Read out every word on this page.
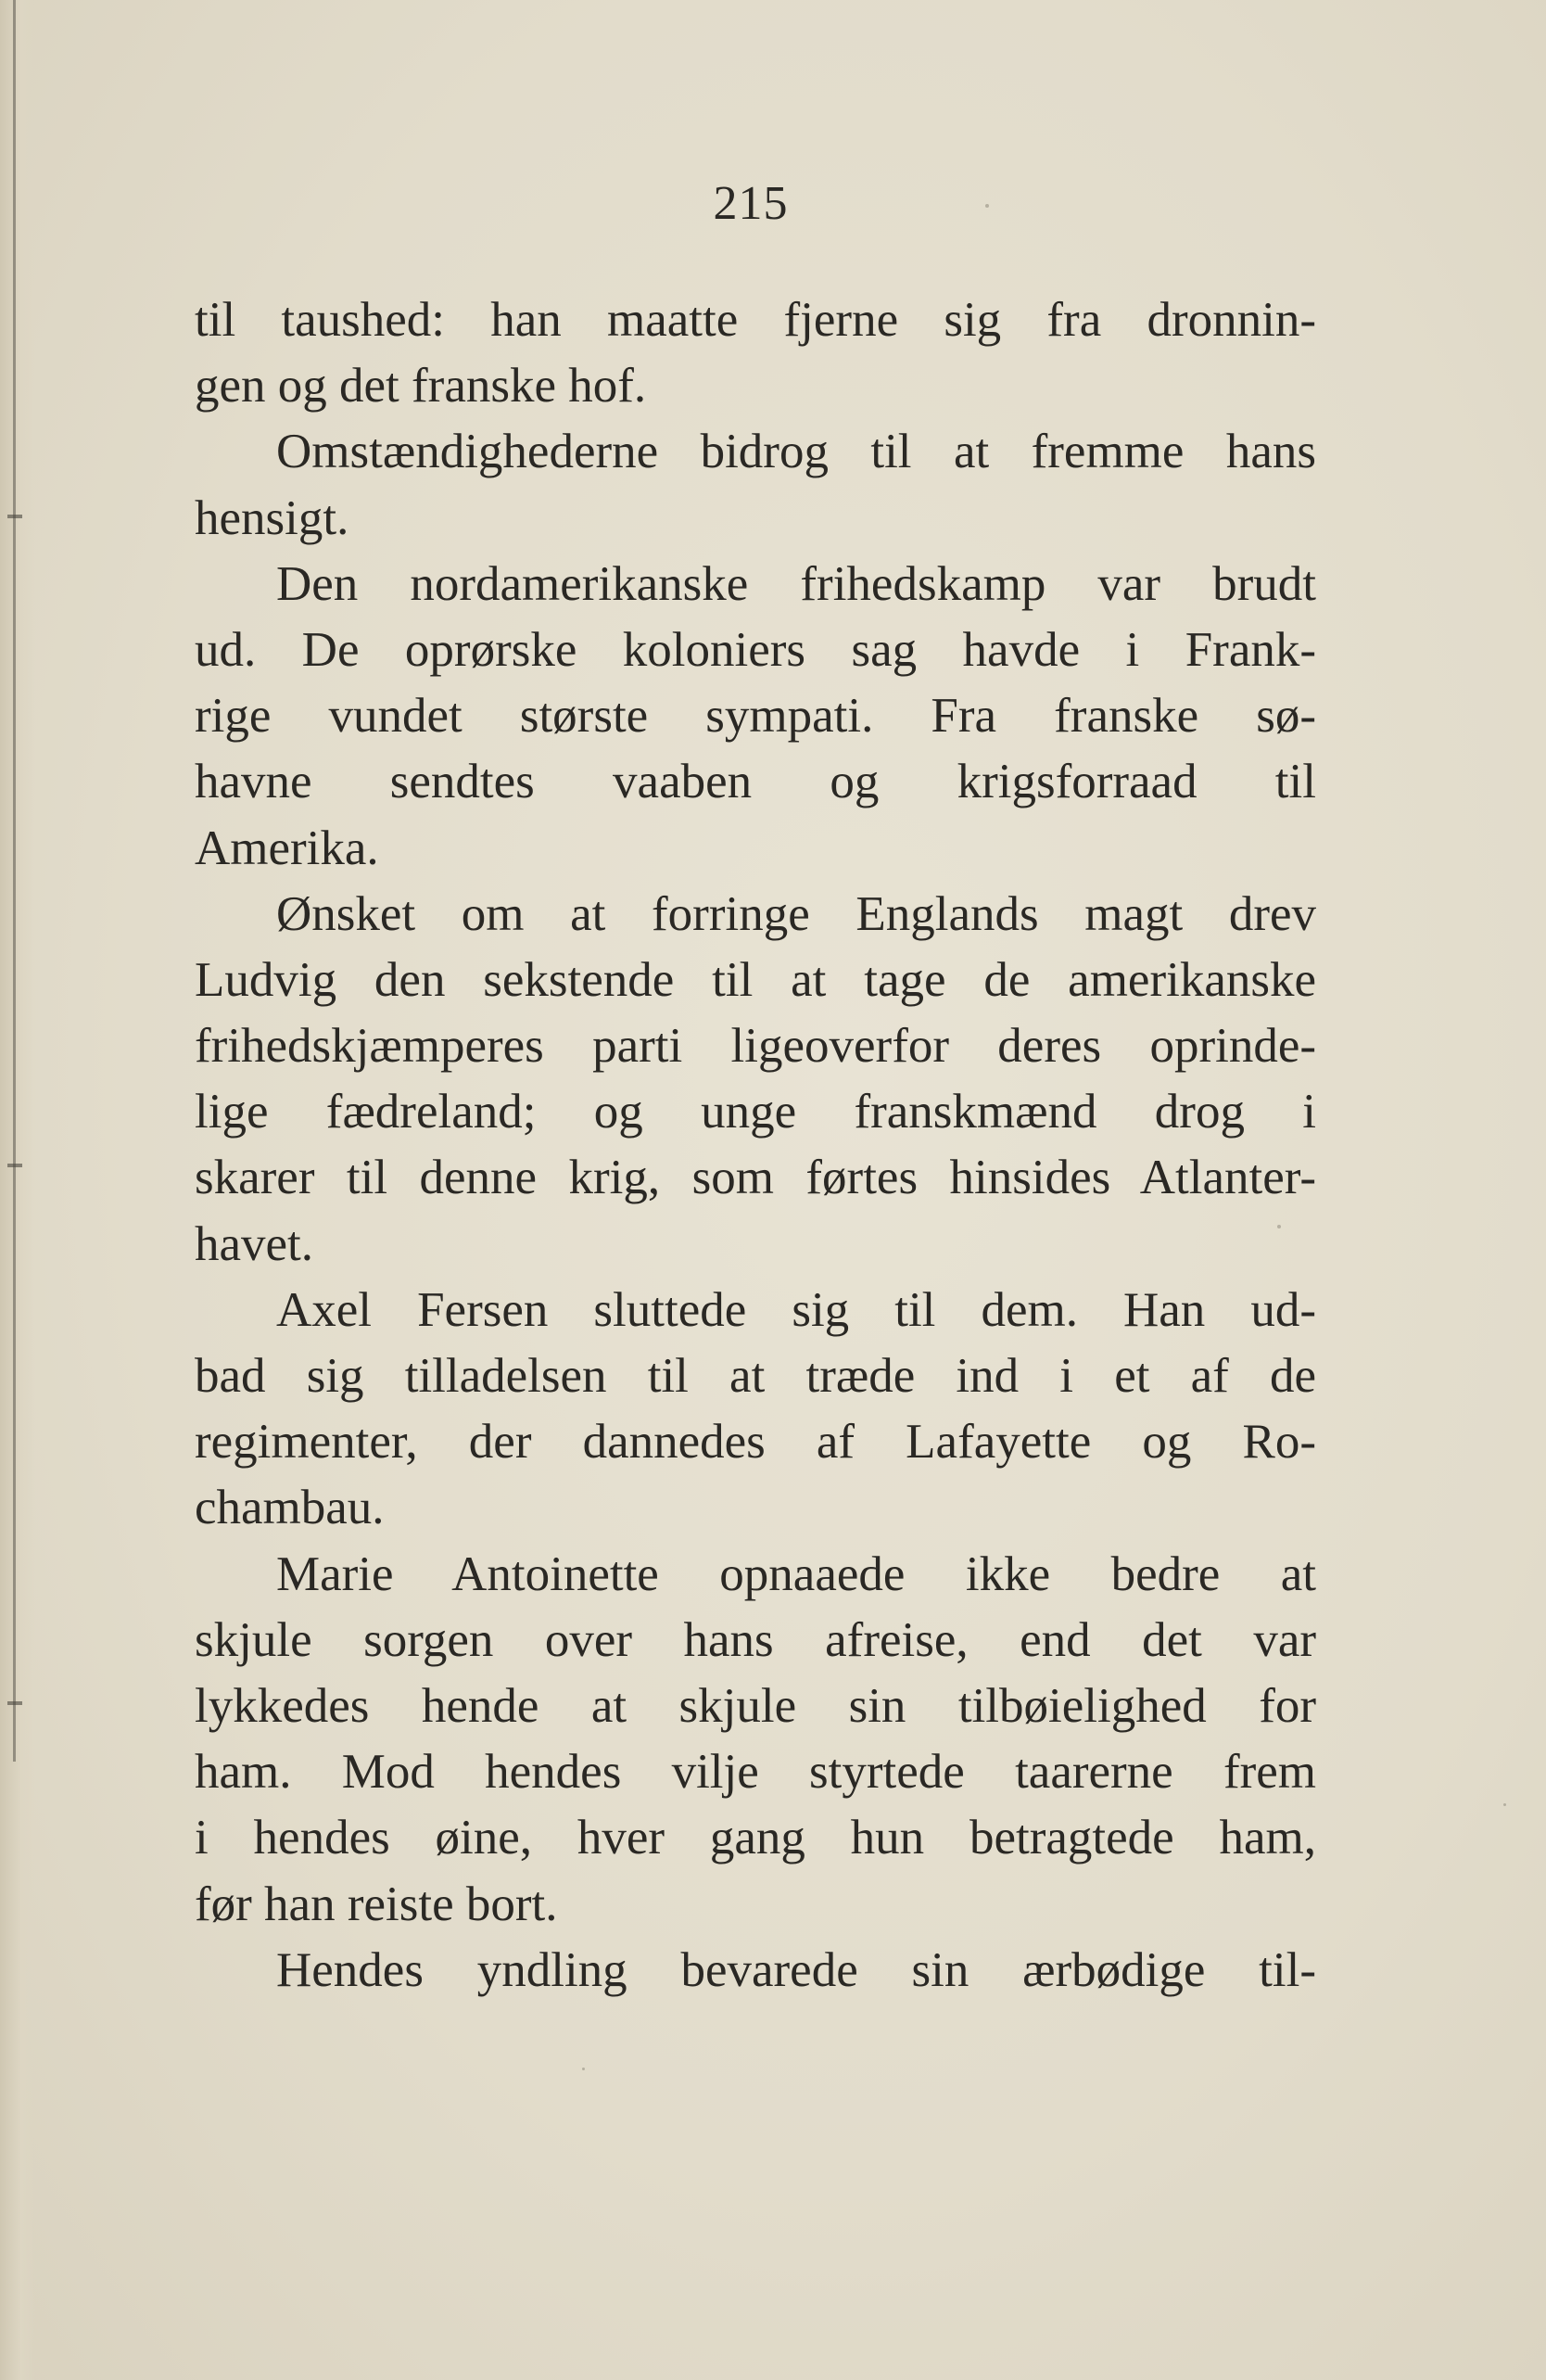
215
til taushed: han maatte fjerne sig fra dronnin-
gen og det franske hof.
Omstændighederne bidrog til at fremme hans
hensigt.
Den nordamerikanske frihedskamp var brudt
ud. De oprørske koloniers sag havde i Frank-
rige vundet største sympati. Fra franske sø-
havne sendtes vaaben og krigsforraad til
Amerika.
Ønsket om at forringe Englands magt drev
Ludvig den sekstende til at tage de amerikanske
frihedskjæmperes parti ligeoverfor deres oprinde-
lige fædreland; og unge franskmænd drog i
skarer til denne krig, som førtes hinsides Atlanter-
havet.
Axel Fersen sluttede sig til dem. Han ud-
bad sig tilladelsen til at træde ind i et af de
regimenter, der dannedes af Lafayette og Ro-
chambau.
Marie Antoinette opnaaede ikke bedre at
skjule sorgen over hans afreise, end det var
lykkedes hende at skjule sin tilbøielighed for
ham. Mod hendes vilje styrtede taarerne frem
i hendes øine, hver gang hun betragtede ham,
før han reiste bort.
Hendes yndling bevarede sin ærbødige til-
